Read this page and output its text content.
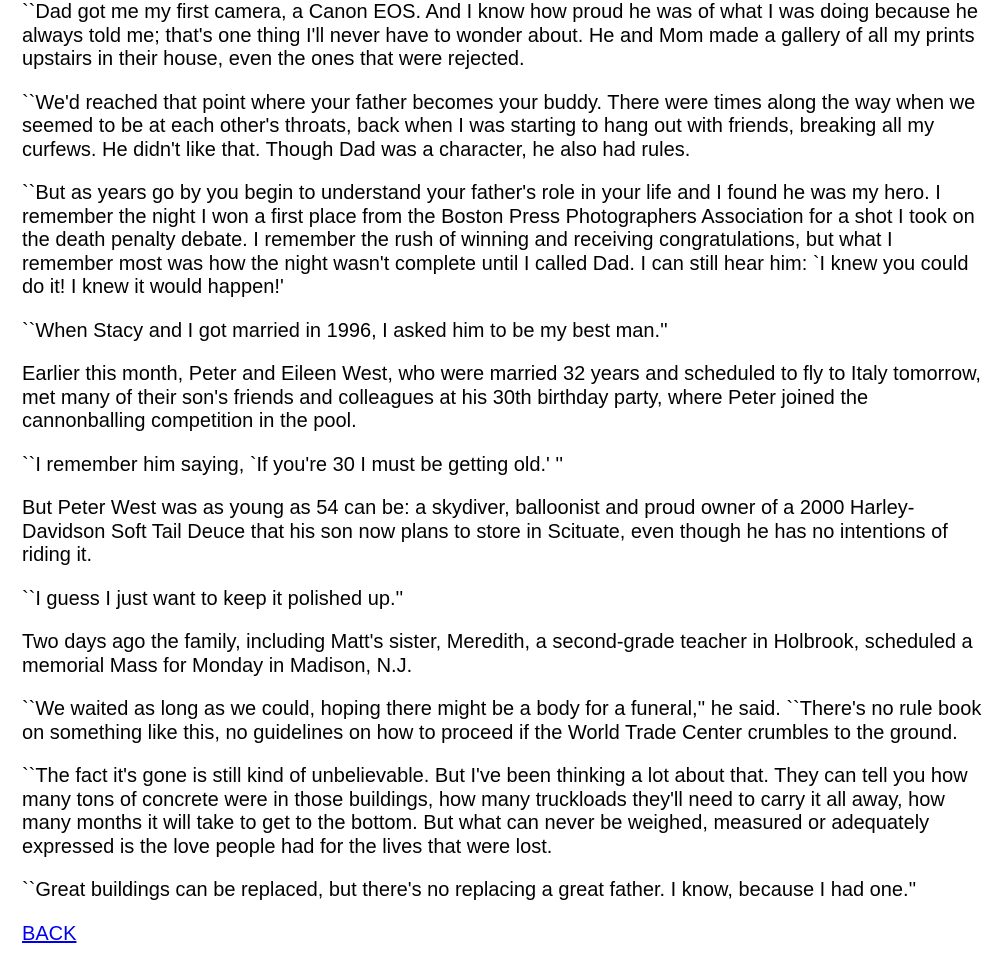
``Dad got me my first camera, a Canon EOS. And I know how proud he was of what I was doing because he always told me; that's one thing I'll never have to wonder about. He and Mom made a gallery of all my prints upstairs in their house, even the ones that were rejected.

``We'd reached that point where your father becomes your buddy. There were times along the way when we seemed to be at each other's throats, back when I was starting to hang out with friends, breaking all my curfews. He didn't like that. Though Dad was a character, he also had rules.

``But as years go by you begin to understand your father's role in your life and I found he was my hero. I remember the night I won a first place from the Boston Press Photographers Association for a shot I took on the death penalty debate. I remember the rush of winning and receiving congratulations, but what I remember most was how the night wasn't complete until I called Dad. I can still hear him: `I knew you could do it! I knew it would happen!'

``When Stacy and I got married in 1996, I asked him to be my best man.''

Earlier this month, Peter and Eileen West, who were married 32 years and scheduled to fly to Italy tomorrow, met many of their son's friends and colleagues at his 30th birthday party, where Peter joined the cannonballing competition in the pool.

``I remember him saying, `If you're 30 I must be getting old.' ''

But Peter West was as young as 54 can be: a skydiver, balloonist and proud owner of a 2000 Harley-Davidson Soft Tail Deuce that his son now plans to store in Scituate, even though he has no intentions of riding it.

``I guess I just want to keep it polished up.''

Two days ago the family, including Matt's sister, Meredith, a second-grade teacher in Holbrook, scheduled a memorial Mass for Monday in Madison, N.J.

``We waited as long as we could, hoping there might be a body for a funeral,'' he said. ``There's no rule book on something like this, no guidelines on how to proceed if the World Trade Center crumbles to the ground.

``The fact it's gone is still kind of unbelievable. But I've been thinking a lot about that. They can tell you how many tons of concrete were in those buildings, how many truckloads they'll need to carry it all away, how many months it will take to get to the bottom. But what can never be weighed, measured or adequately expressed is the love people had for the lives that were lost.

``Great buildings can be replaced, but there's no replacing a great father. I know, because I had one.''

BACK
